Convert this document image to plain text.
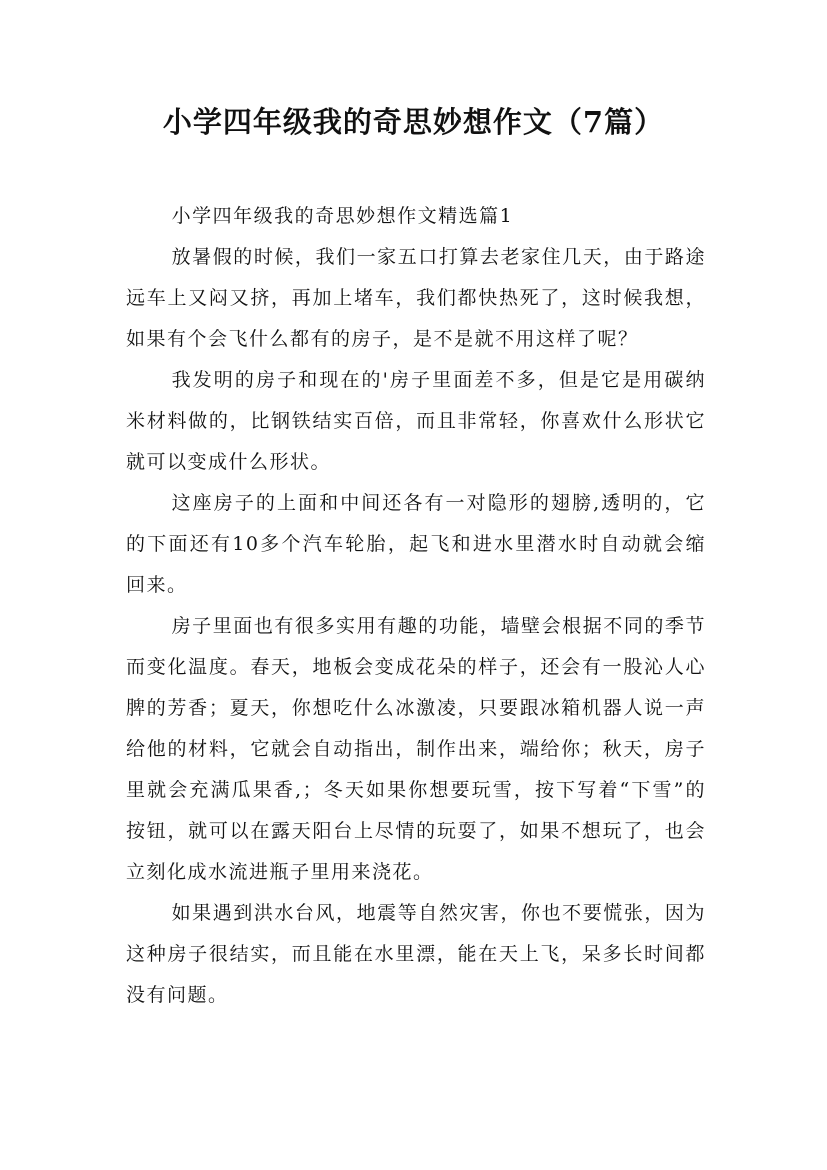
小学四年级我的奇思妙想作文（7篇）

小学四年级我的奇思妙想作文精选篇1

放暑假的时候，我们一家五口打算去老家住几天，由于路途远车上又闷又挤，再加上堵车，我们都快热死了，这时候我想，如果有个会飞什么都有的房子，是不是就不用这样了呢？

我发明的房子和现在的'房子里面差不多，但是它是用碳纳米材料做的，比钢铁结实百倍，而且非常轻，你喜欢什么形状它就可以变成什么形状。

这座房子的上面和中间还各有一对隐形的翅膀,透明的，它的下面还有10多个汽车轮胎，起飞和进水里潜水时自动就会缩回来。

房子里面也有很多实用有趣的功能，墙壁会根据不同的季节而变化温度。春天，地板会变成花朵的样子，还会有一股沁人心脾的芳香；夏天，你想吃什么冰激凌，只要跟冰箱机器人说一声给他的材料，它就会自动指出，制作出来，端给你；秋天，房子里就会充满瓜果香,；冬天如果你想要玩雪，按下写着“下雪”的按钮，就可以在露天阳台上尽情的玩耍了，如果不想玩了，也会立刻化成水流进瓶子里用来浇花。

如果遇到洪水台风，地震等自然灾害，你也不要慌张，因为这种房子很结实，而且能在水里漂，能在天上飞，呆多长时间都没有问题。
